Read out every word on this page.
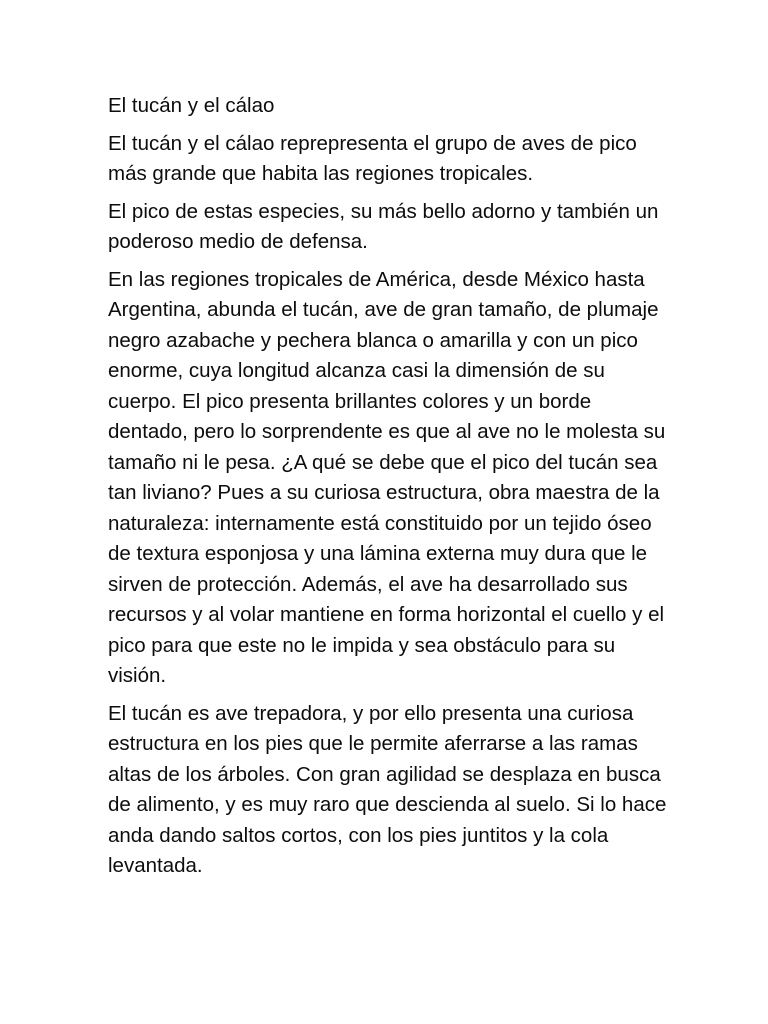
El tucán y el cálao

El tucán y el cálao reprepresenta el grupo de aves de pico más grande que habita las regiones tropicales.

El pico de estas especies, su más bello adorno y también un poderoso medio de defensa.

En las regiones tropicales de América, desde México hasta Argentina, abunda el tucán, ave de gran tamaño, de plumaje negro azabache y pechera blanca o amarilla y con un pico enorme, cuya longitud alcanza casi la dimensión de su cuerpo. El pico presenta brillantes colores y un borde dentado, pero lo sorprendente es que al ave no le molesta su tamaño ni le pesa. ¿A qué se debe que el pico del tucán sea tan liviano? Pues a su curiosa estructura, obra maestra de la naturaleza: internamente está constituido por un tejido óseo de textura esponjosa y una lámina externa muy dura que le sirven de protección. Además, el ave ha desarrollado sus recursos y al volar mantiene en forma horizontal el cuello y el pico para que este no le impida y sea obstáculo para su visión.

El tucán es ave trepadora, y por ello presenta una curiosa estructura en los pies que le permite aferrarse a las ramas altas de los árboles. Con gran agilidad se desplaza en busca de alimento, y es muy raro que descienda al suelo. Si lo hace anda dando saltos cortos, con los pies juntitos y la cola levantada.
